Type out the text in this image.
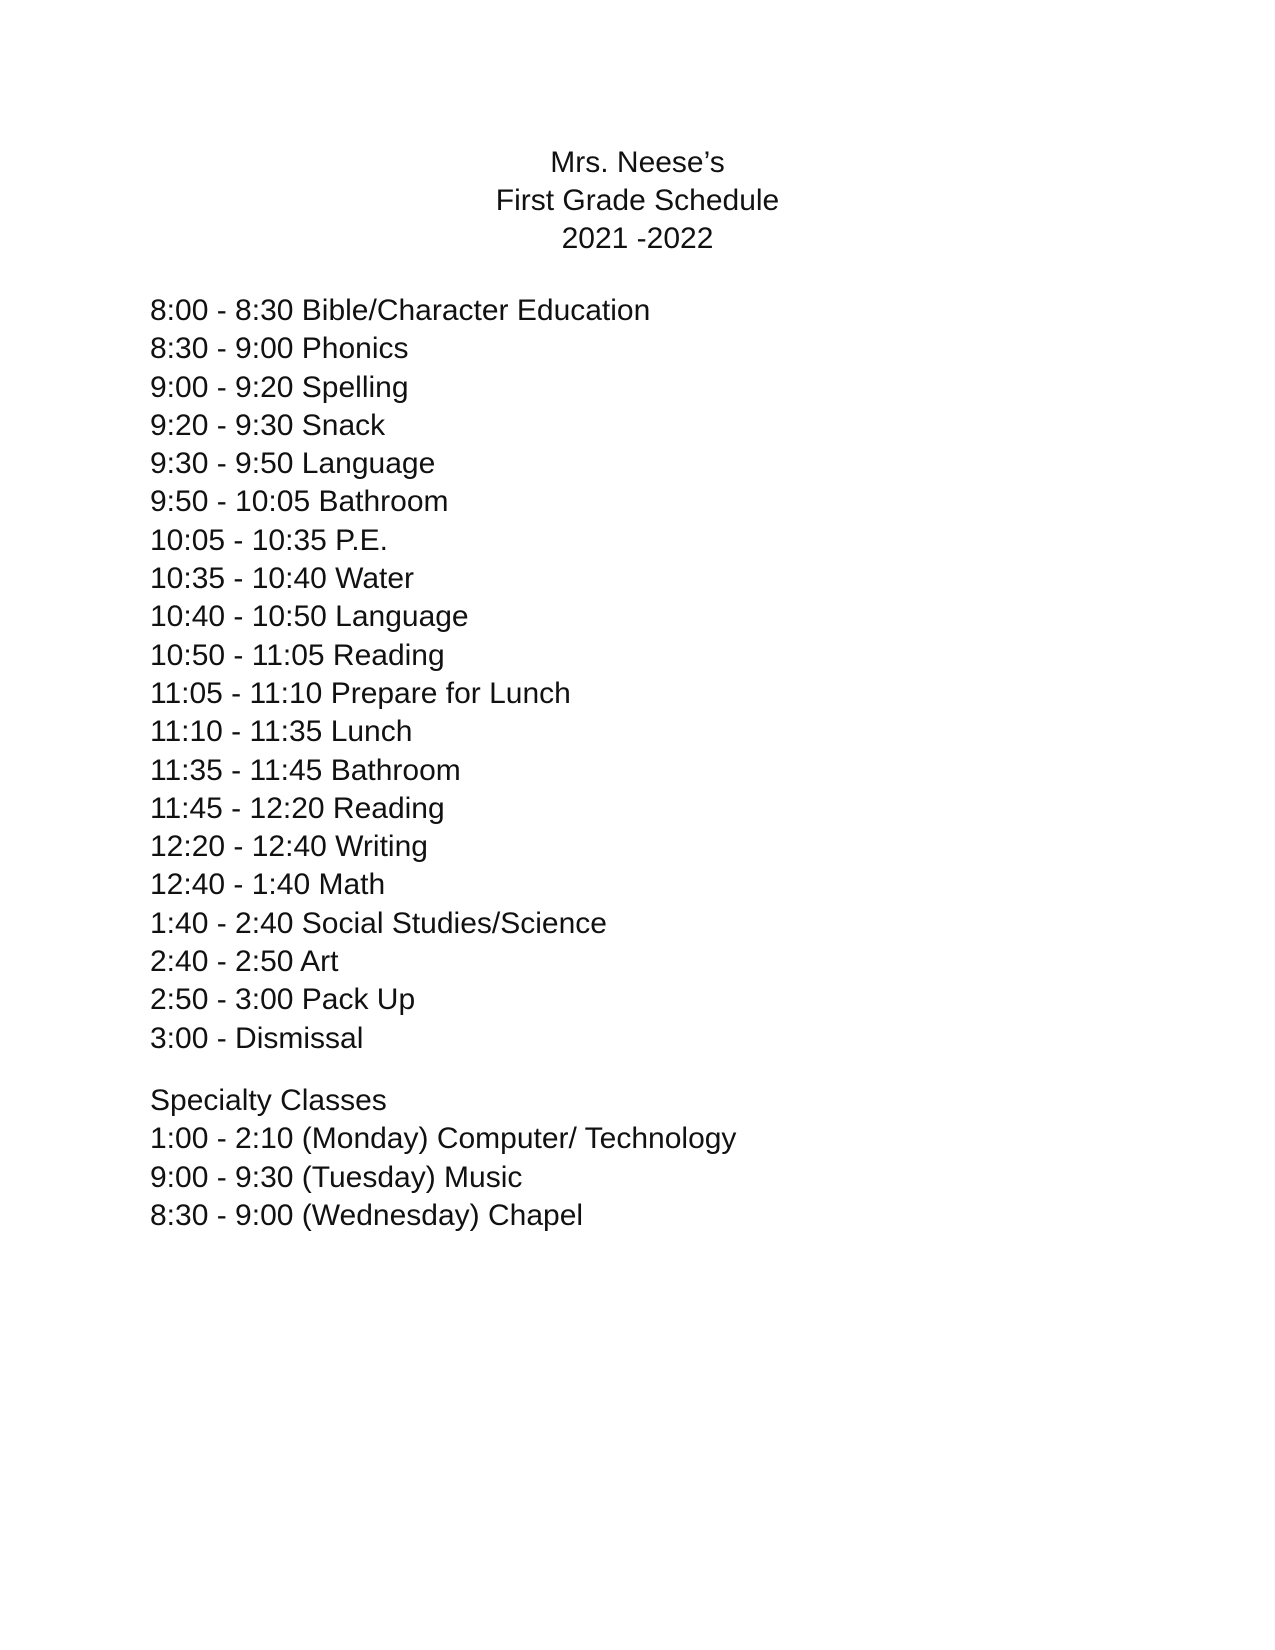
Mrs. Neese’s
First Grade Schedule
2021 -2022
8:00 - 8:30 Bible/Character Education
8:30 - 9:00 Phonics
9:00 - 9:20 Spelling
9:20 - 9:30 Snack
9:30 - 9:50 Language
9:50 - 10:05 Bathroom
10:05 - 10:35 P.E.
10:35 - 10:40 Water
10:40 - 10:50 Language
10:50 - 11:05 Reading
11:05 - 11:10 Prepare for Lunch
11:10 - 11:35 Lunch
11:35 - 11:45 Bathroom
11:45 - 12:20 Reading
12:20 - 12:40 Writing
12:40 - 1:40 Math
1:40 - 2:40 Social Studies/Science
2:40 - 2:50 Art
2:50 - 3:00 Pack Up
3:00 - Dismissal
Specialty Classes
1:00 - 2:10 (Monday) Computer/ Technology
9:00 - 9:30 (Tuesday) Music
8:30 - 9:00 (Wednesday) Chapel
